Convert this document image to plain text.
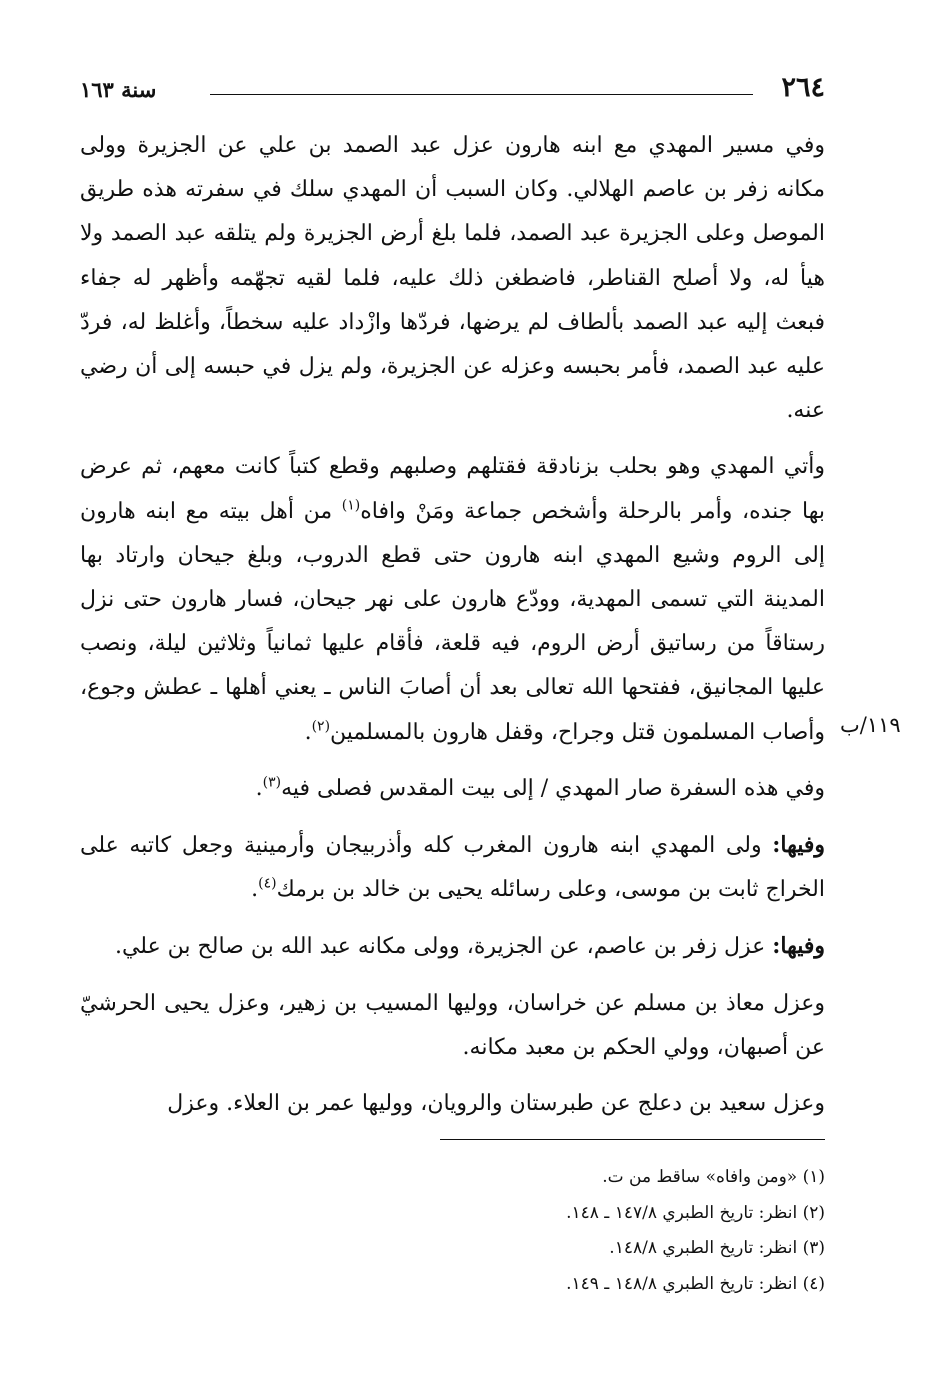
٢٦٤
سنة ١٦٣
١١٩/ب

وفي مسير المهدي مع ابنه هارون عزل عبد الصمد بن علي عن الجزيرة وولى مكانه زفر بن عاصم الهلالي. وكان السبب أن المهدي سلك في سفرته هذه طريق الموصل وعلى الجزيرة عبد الصمد، فلما بلغ أرض الجزيرة ولم يتلقه عبد الصمد ولا هيأ له، ولا أصلح القناطر، فاضطغن ذلك عليه، فلما لقيه تجهّمه وأظهر له جفاء فبعث إليه عبد الصمد بألطاف لم يرضها، فردّها وازْداد عليه سخطاً، وأغلظ له، فردّ عليه عبد الصمد، فأمر بحبسه وعزله عن الجزيرة، ولم يزل في حبسه إلى أن رضي عنه.

وأتي المهدي وهو بحلب بزنادقة فقتلهم وصلبهم وقطع كتباً كانت معهم، ثم عرض بها جنده، وأمر بالرحلة وأشخص جماعة ومَنْ وافاه$^{(١)}$ من أهل بيته مع ابنه هارون إلى الروم وشيع المهدي ابنه هارون حتى قطع الدروب، وبلغ جيحان وارتاد بها المدينة التي تسمى المهدية، وودّع هارون على نهر جيحان، فسار هارون حتى نزل رستاقاً من رساتيق أرض الروم، فيه قلعة، فأقام عليها ثمانياً وثلاثين ليلة، ونصب عليها المجانيق، ففتحها الله تعالى بعد أن أصابَ الناس ـ يعني أهلها ـ عطش وجوع، وأصاب المسلمون قتل وجراح، وقفل هارون بالمسلمين$^{(٢)}$.

وفي هذه السفرة صار المهدي / إلى بيت المقدس فصلى فيه$^{(٣)}$.

وفيها: ولى المهدي ابنه هارون المغرب كله وأذربيجان وأرمينية وجعل كاتبه على الخراج ثابت بن موسى، وعلى رسائله يحيى بن خالد بن برمك$^{(٤)}$.

وفيها: عزل زفر بن عاصم، عن الجزيرة، وولى مكانه عبد الله بن صالح بن علي.

وعزل معاذ بن مسلم عن خراسان، ووليها المسيب بن زهير، وعزل يحيى الحرشيّ عن أصبهان، وولي الحكم بن معبد مكانه.

وعزل سعيد بن دعلج عن طبرستان والرويان، ووليها عمر بن العلاء. وعزل

(١) «ومن وافاه» ساقط من ت.
(٢) انظر: تاريخ الطبري ١٤٧/٨ ـ ١٤٨.
(٣) انظر: تاريخ الطبري ١٤٨/٨.
(٤) انظر: تاريخ الطبري ١٤٨/٨ ـ ١٤٩.
